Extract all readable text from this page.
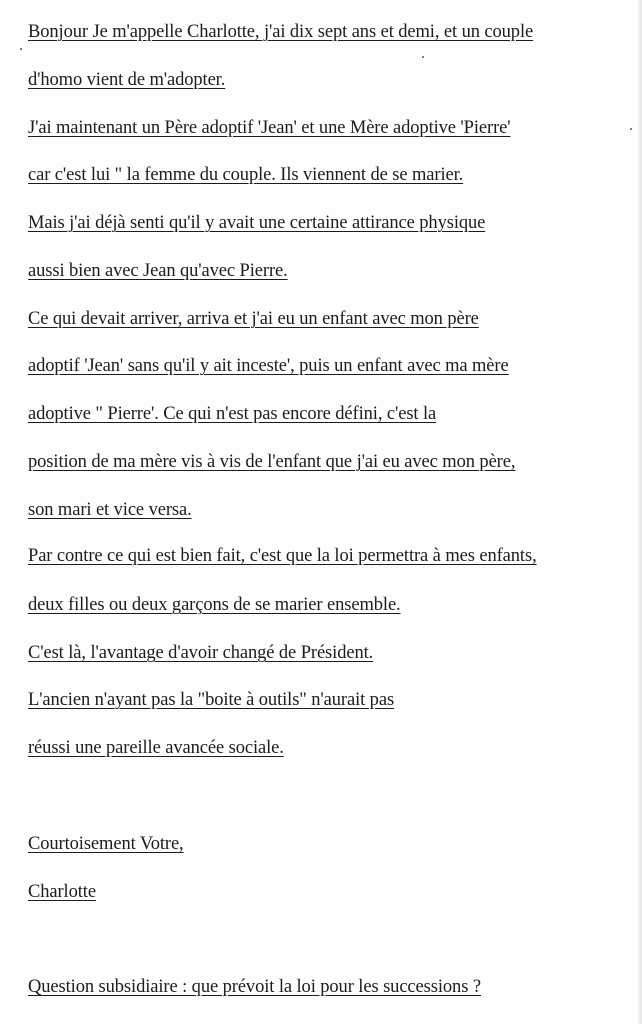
Bonjour Je m'appelle Charlotte, j'ai dix sept ans et demi, et un couple
d'homo vient de m'adopter.
J'ai maintenant un Père adoptif 'Jean' et une Mère adoptive 'Pierre'
car c'est lui " la femme du couple. Ils viennent de se marier.
Mais j'ai déjà senti qu'il y avait une certaine attirance physique
aussi bien avec Jean qu'avec Pierre.
Ce qui devait arriver, arriva et j'ai eu un enfant avec mon père
adoptif 'Jean' sans qu'il y ait inceste', puis un enfant avec ma mère
adoptive " Pierre'. Ce qui n'est pas encore défini, c'est la
position de ma mère vis à vis de l'enfant que j'ai eu avec mon père,
son mari et vice versa.
Par contre ce qui est bien fait, c'est que la loi permettra à mes enfants,
deux filles ou deux garçons de se marier ensemble.
C'est là, l'avantage d'avoir changé de Président.
L'ancien n'ayant pas la "boite à outils" n'aurait pas
réussi une pareille avancée sociale.
Courtoisement Votre,
Charlotte
Question subsidiaire : que prévoit la loi pour les successions ?
